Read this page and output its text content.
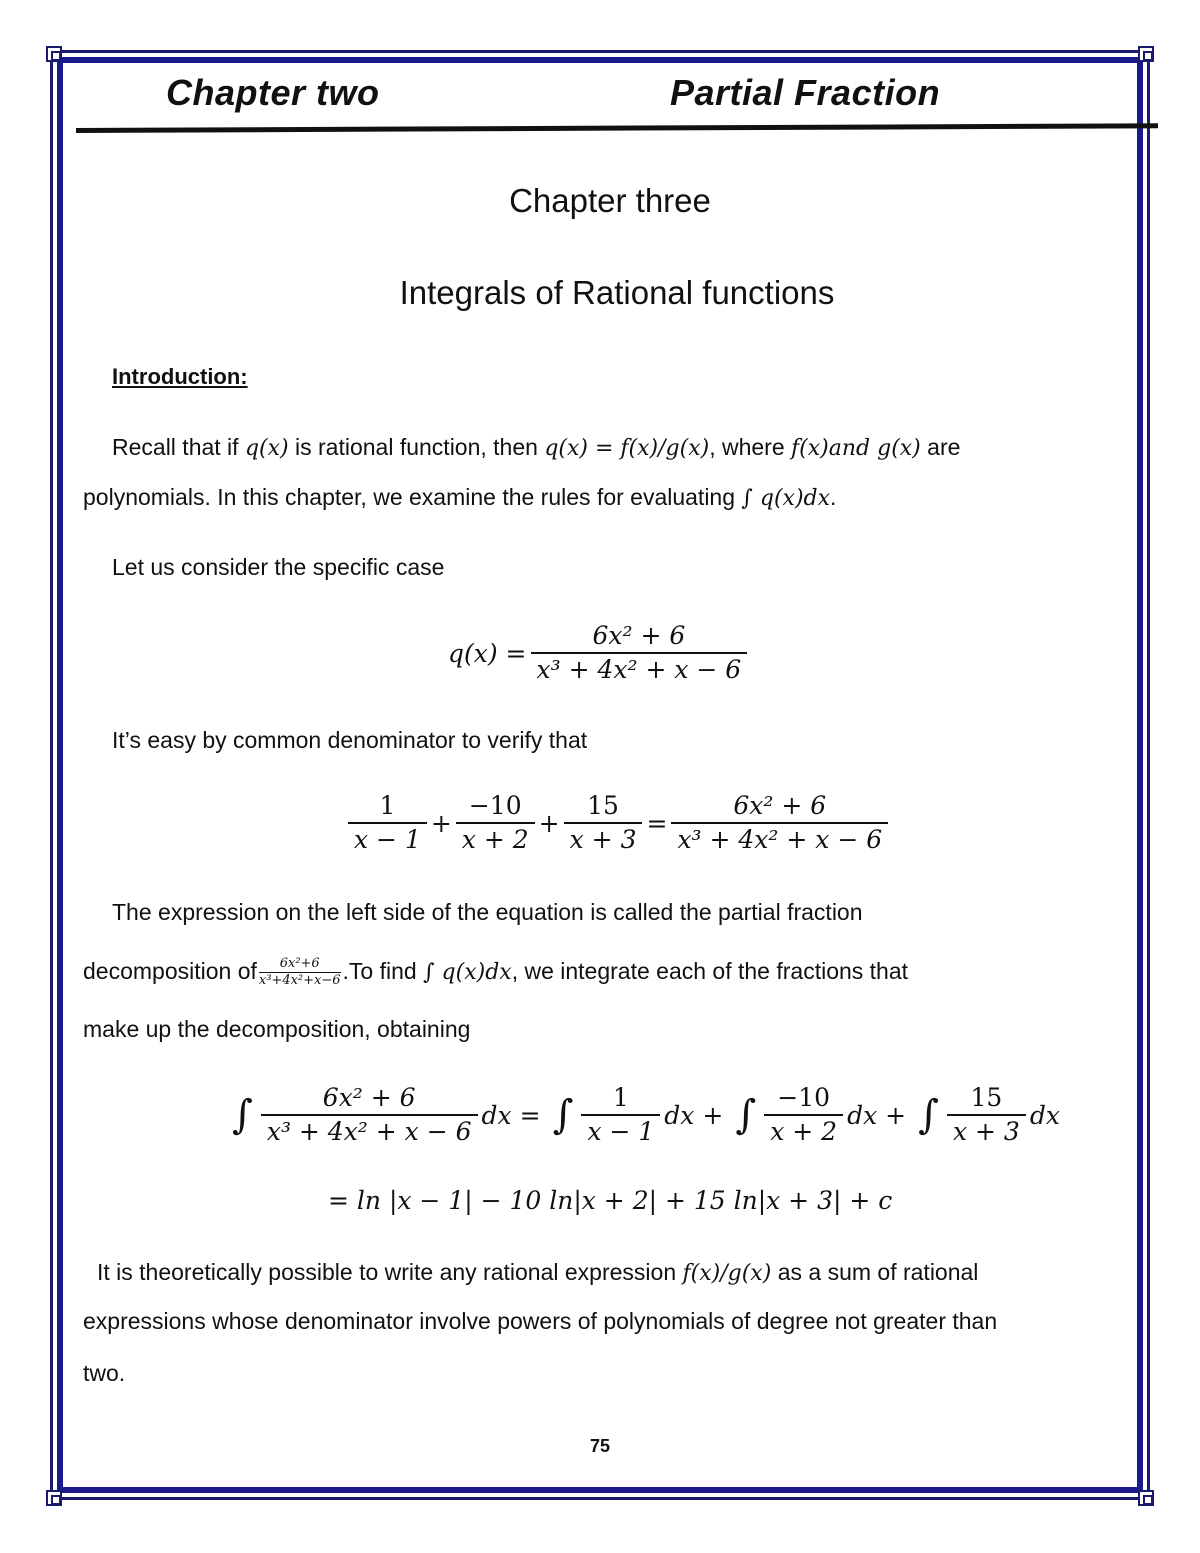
Chapter two	Partial Fraction
Chapter three
Integrals of Rational functions
Introduction:
Recall that if q(x) is rational function, then q(x) = f(x)/g(x), where f(x)and g(x) are
polynomials. In this chapter, we examine the rules for evaluating ∫ q(x)dx.
Let us consider the specific case
$q(x) = \frac{\text{6x² + 6}}{\text{x³ + 4x² + x − 6}}$
It’s easy by common denominator to verify that
$\frac{1}{x - 1} + \frac{-10}{x + 2} + \frac{15}{x + 3} = \frac{\text{6x² + 6}}{\text{x³ + 4x² + x − 6}}$
The expression on the left side of the equation is called the partial fraction
decomposition of $\frac{\text{6x²+6}}{\text{x³+4x²+x−6}} .To$ find ∫ q(x)dx, we integrate each of the fractions that
make up the decomposition, obtaining
∫ $\frac{\text{6x² + 6}}{\text{x³ + 4x² + x − 6}}$ dx = ∫ $\frac{1}{x - 1}$ dx + ∫ $\frac{-10}{x + 2}$ dx + ∫ $\frac{15}{x + 3}$ dx
= ln |x − 1| − 10 ln|x + 2| + 15 ln|x + 3| + c
It is theoretically possible to write any rational expression f(x)/g(x) as a sum of rational
expressions whose denominator involve powers of polynomials of degree not greater than
two.
75
